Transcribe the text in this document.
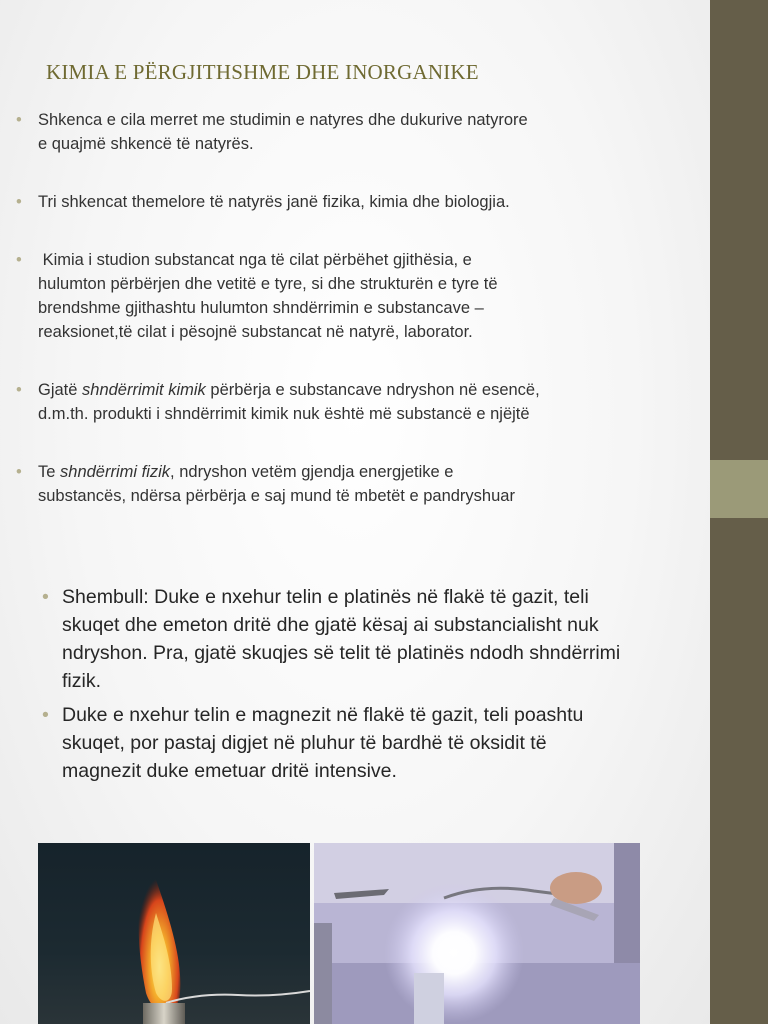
KIMIA E PËRGJITHSHME DHE INORGANIKE
• Shkenca e cila merret me studimin e natyres dhe dukurive natyrore
e quajmë shkencë të natyrës.
• Tri shkencat themelore të natyrës janë fizika, kimia dhe biologjia.
• Kimia i studion substancat nga të cilat përbëhet gjithësia, e
hulumton përbërjen dhe vetitë e tyre, si dhe strukturën e tyre të
brendshme gjithashtu hulumton shndërrimin e substancave –
reaksionet,të cilat i pësojnë substancat në natyrë, laborator.
• Gjatë shndërrimit kimik përbërja e substancave ndryshon në esencë,
d.m.th. produkti i shndërrimit kimik nuk është më substancë e njëjtë
• Te shndërrimi fizik, ndryshon vetëm gjendja energjetike e
substancës, ndërsa përbërja e saj mund të mbetët e pandryshuar
• Shembull: Duke e nxehur telin e platinës në flakë të gazit, teli
skuqet dhe emeton dritë dhe gjatë kësaj ai substancialisht nuk
ndryshon. Pra, gjatë skuqjes së telit të platinës ndodh shndërrimi
fizik.
• Duke e nxehur telin e magnezit në flakë të gazit, teli poashtu
skuqet, por pastaj digjet në pluhur të bardhë të oksidit të
magnezit duke emetuar dritë intensive.
